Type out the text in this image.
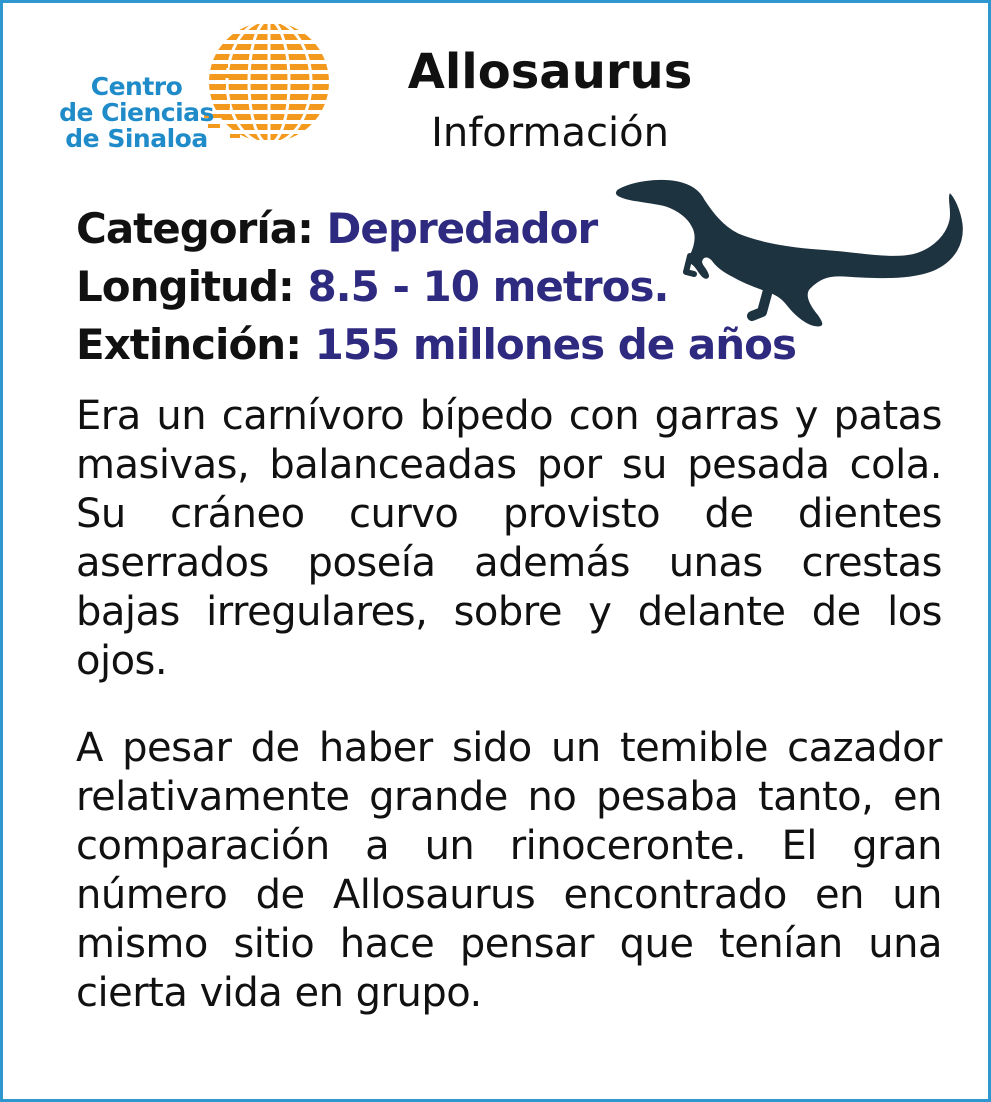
Centro
de Ciencias
de Sinaloa
Allosaurus
Información
Categoría: Depredador
Longitud: 8.5 - 10 metros.
Extinción: 155 millones de años
Era un carnívoro bípedo con garras y patas masivas, balanceadas por su pesada cola. Su cráneo curvo provisto de dientes aserrados poseía además unas crestas bajas irregulares, sobre y delante de los ojos.
A pesar de haber sido un temible cazador relativamente grande no pesaba tanto, en comparación a un rinoceronte. El gran número de Allosaurus encontrado en un mismo sitio hace pensar que tenían una cierta vida en grupo.
